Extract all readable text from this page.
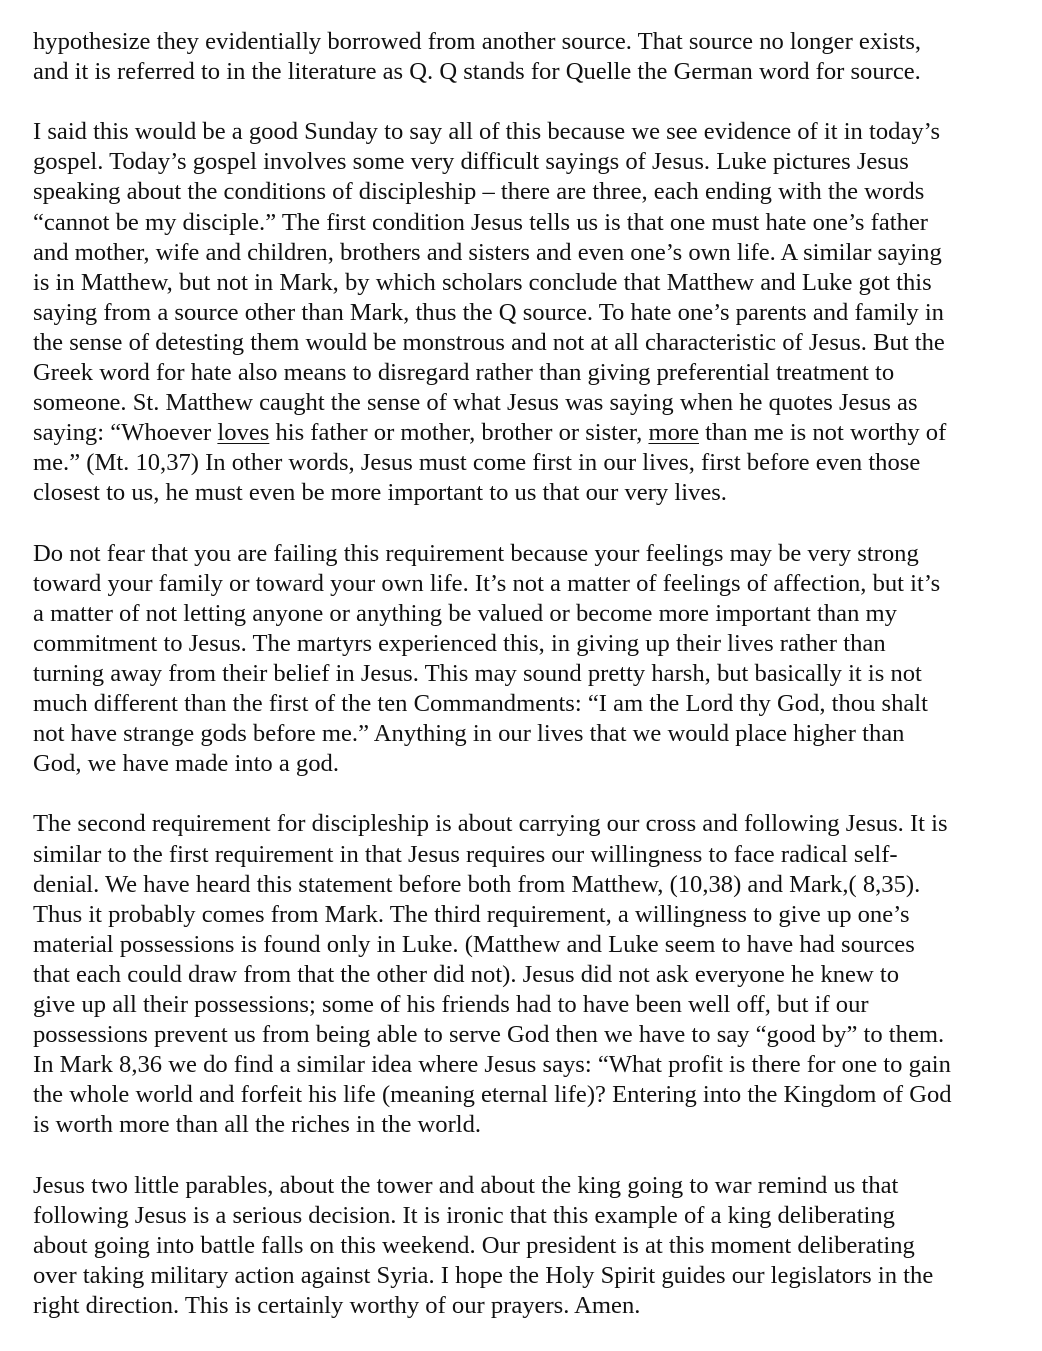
hypothesize they evidentially borrowed from another source. That source no longer exists,
and it is referred to in the literature as Q. Q stands for Quelle the German word for source.

I said this would be a good Sunday to say all of this because we see evidence of it in today’s
gospel. Today’s gospel involves some very difficult sayings of Jesus. Luke pictures Jesus
speaking about the conditions of discipleship – there are three, each ending with the words
“cannot be my disciple.” The first condition Jesus tells us is that one must hate one’s father
and mother, wife and children, brothers and sisters and even one’s own life. A similar saying
is in Matthew, but not in Mark, by which scholars conclude that Matthew and Luke got this
saying from a source other than Mark, thus the Q source. To hate one’s parents and family in
the sense of detesting them would be monstrous and not at all characteristic of Jesus. But the
Greek word for hate also means to disregard rather than giving preferential treatment to
someone. St. Matthew caught the sense of what Jesus was saying when he quotes Jesus as
saying: “Whoever loves his father or mother, brother or sister, more than me is not worthy of
me.” (Mt. 10,37) In other words, Jesus must come first in our lives, first before even those
closest to us, he must even be more important to us that our very lives.

Do not fear that you are failing this requirement because your feelings may be very strong
toward your family or toward your own life. It’s not a matter of feelings of affection, but it’s
a matter of not letting anyone or anything be valued or become more important than my
commitment to Jesus. The martyrs experienced this, in giving up their lives rather than
turning away from their belief in Jesus. This may sound pretty harsh, but basically it is not
much different than the first of the ten Commandments: “I am the Lord thy God, thou shalt
not have strange gods before me.” Anything in our lives that we would place higher than
God, we have made into a god.

The second requirement for discipleship is about carrying our cross and following Jesus. It is
similar to the first requirement in that Jesus requires our willingness to face radical self-
denial. We have heard this statement before both from Matthew, (10,38) and Mark,( 8,35).
Thus it probably comes from Mark. The third requirement, a willingness to give up one’s
material possessions is found only in Luke. (Matthew and Luke seem to have had sources
that each could draw from that the other did not). Jesus did not ask everyone he knew to
give up all their possessions; some of his friends had to have been well off, but if our
possessions prevent us from being able to serve God then we have to say “good by” to them.
In Mark 8,36 we do find a similar idea where Jesus says: “What profit is there for one to gain
the whole world and forfeit his life (meaning eternal life)? Entering into the Kingdom of God
is worth more than all the riches in the world.

Jesus two little parables, about the tower and about the king going to war remind us that
following Jesus is a serious decision. It is ironic that this example of a king deliberating
about going into battle falls on this weekend. Our president is at this moment deliberating
over taking military action against Syria. I hope the Holy Spirit guides our legislators in the
right direction. This is certainly worthy of our prayers. Amen.
